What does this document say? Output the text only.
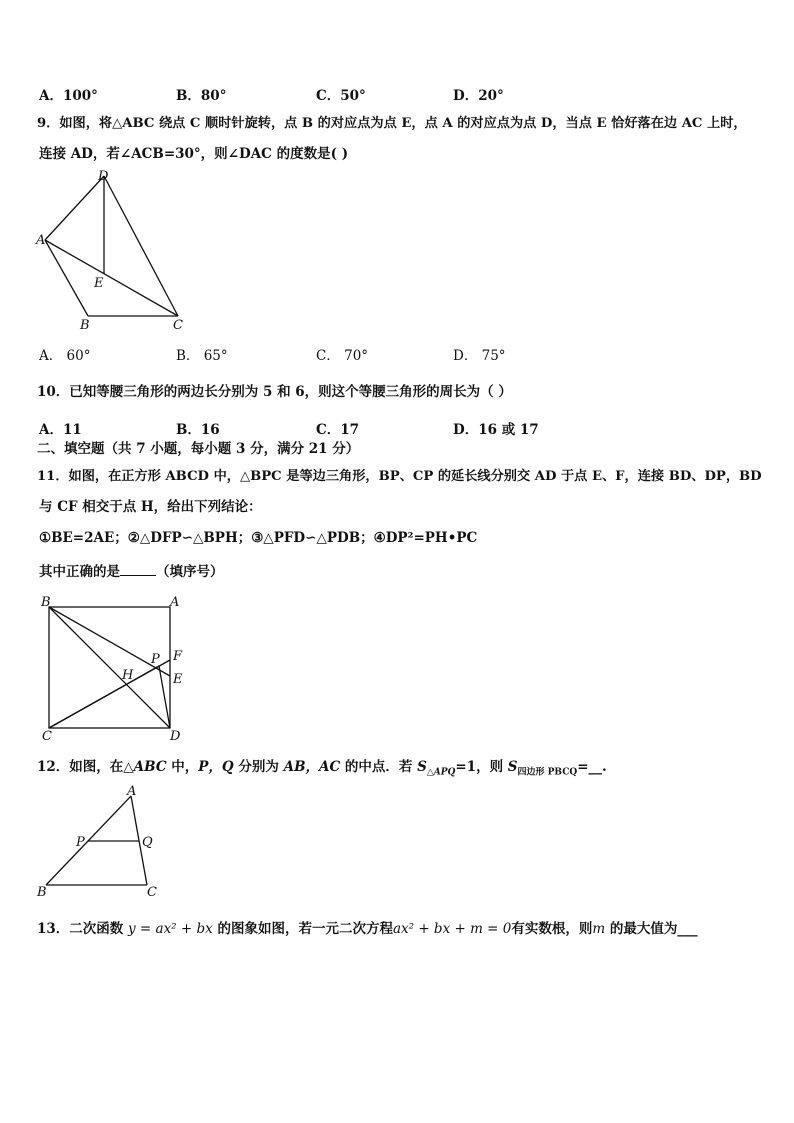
A．100°	B．80°	C．50°	D．20°
9．如图，将△ABC 绕点 C 顺时针旋转，点 B 的对应点为点 E，点 A 的对应点为点 D，当点 E 恰好落在边 AC 上时，
连接 AD，若∠ACB=30°，则∠DAC 的度数是( )
D
A
E
B	C
A． 60°	B． 65°	C． 70°	D． 75°
10．已知等腰三角形的两边长分别为 5 和 6，则这个等腰三角形的周长为（ ）
A．11	B．16	C．17	D．16 或 17
二、填空题（共 7 小题，每小题 3 分，满分 21 分）
11．如图，在正方形 ABCD 中，△BPC 是等边三角形，BP、CP 的延长线分别交 AD 于点 E、F，连接 BD、DP，BD
与 CF 相交于点 H，给出下列结论：
①BE=2AE；②△DFP∽△BPH；③△PFD∽△PDB；④DP²=PH•PC
其中正确的是	（填序号）
B	A
P F
H	E
C	D
12．如图，在△ABC 中，P，Q 分别为 AB，AC 的中点．若 $S_{\triangle APQ}=1$，则 $S_{四边形 PBCQ}=\_\_$.
A
P	Q
B	C
13．二次函数 y = ax² + bx 的图象如图，若一元二次方程ax² + bx + m = 0有实数根，则m 的最大值为___
